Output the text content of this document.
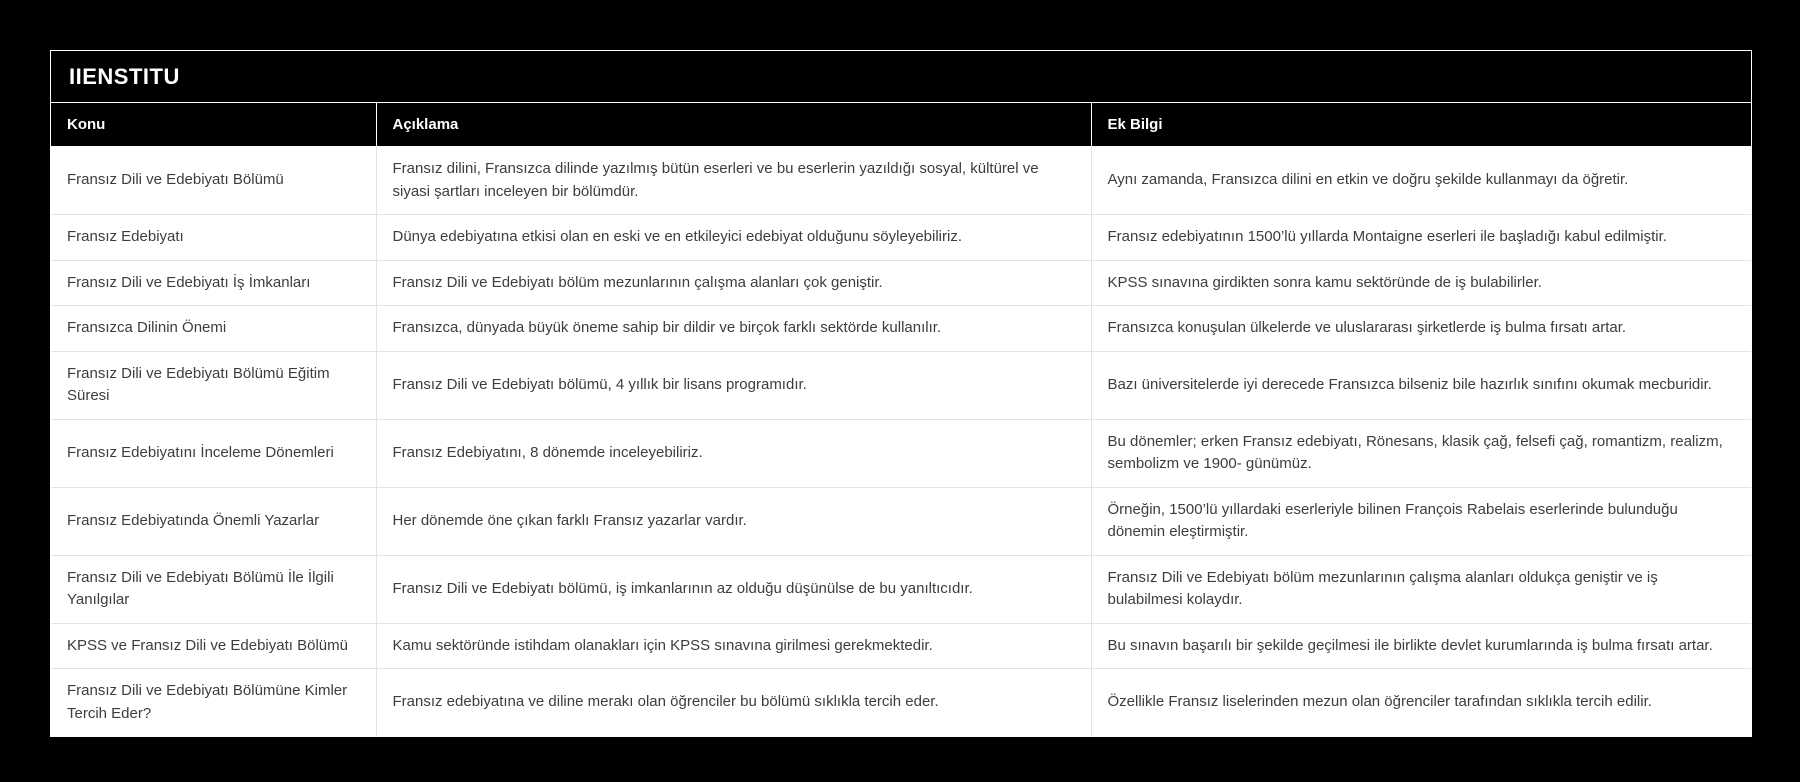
IIENSTITU
Konu	Açıklama	Ek Bilgi
Fransız Dili ve Edebiyatı Bölümü	Fransız dilini, Fransızca dilinde yazılmış bütün eserleri ve bu eserlerin yazıldığı sosyal, kültürel ve siyasi şartları inceleyen bir bölümdür.	Aynı zamanda, Fransızca dilini en etkin ve doğru şekilde kullanmayı da öğretir.
Fransız Edebiyatı	Dünya edebiyatına etkisi olan en eski ve en etkileyici edebiyat olduğunu söyleyebiliriz.	Fransız edebiyatının 1500’lü yıllarda Montaigne eserleri ile başladığı kabul edilmiştir.
Fransız Dili ve Edebiyatı İş İmkanları	Fransız Dili ve Edebiyatı bölüm mezunlarının çalışma alanları çok geniştir.	KPSS sınavına girdikten sonra kamu sektöründe de iş bulabilirler.
Fransızca Dilinin Önemi	Fransızca, dünyada büyük öneme sahip bir dildir ve birçok farklı sektörde kullanılır.	Fransızca konuşulan ülkelerde ve uluslararası şirketlerde iş bulma fırsatı artar.
Fransız Dili ve Edebiyatı Bölümü Eğitim Süresi	Fransız Dili ve Edebiyatı bölümü, 4 yıllık bir lisans programıdır.	Bazı üniversitelerde iyi derecede Fransızca bilseniz bile hazırlık sınıfını okumak mecburidir.
Fransız Edebiyatını İnceleme Dönemleri	Fransız Edebiyatını, 8 dönemde inceleyebiliriz.	Bu dönemler; erken Fransız edebiyatı, Rönesans, klasik çağ, felsefi çağ, romantizm, realizm, sembolizm ve 1900- günümüz.
Fransız Edebiyatında Önemli Yazarlar	Her dönemde öne çıkan farklı Fransız yazarlar vardır.	Örneğin, 1500’lü yıllardaki eserleriyle bilinen François Rabelais eserlerinde bulunduğu dönemin eleştirmiştir.
Fransız Dili ve Edebiyatı Bölümü İle İlgili Yanılgılar	Fransız Dili ve Edebiyatı bölümü, iş imkanlarının az olduğu düşünülse de bu yanıltıcıdır.	Fransız Dili ve Edebiyatı bölüm mezunlarının çalışma alanları oldukça geniştir ve iş bulabilmesi kolaydır.
KPSS ve Fransız Dili ve Edebiyatı Bölümü	Kamu sektöründe istihdam olanakları için KPSS sınavına girilmesi gerekmektedir.	Bu sınavın başarılı bir şekilde geçilmesi ile birlikte devlet kurumlarında iş bulma fırsatı artar.
Fransız Dili ve Edebiyatı Bölümüne Kimler Tercih Eder?	Fransız edebiyatına ve diline merakı olan öğrenciler bu bölümü sıklıkla tercih eder.	Özellikle Fransız liselerinden mezun olan öğrenciler tarafından sıklıkla tercih edilir.
